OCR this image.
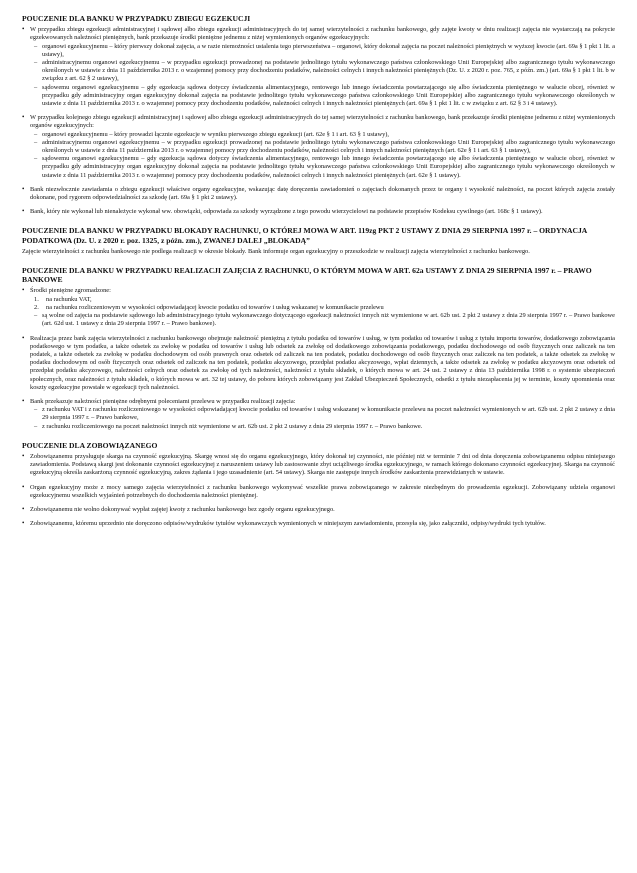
POUCZENIE DLA BANKU W PRZYPADKU ZBIEGU EGZEKUCJI
• W przypadku zbiegu egzekucji administracyjnej i sądowej albo zbiegu egzekucji administracyjnych do tej samej wierzytelności z rachunku bankowego, gdy zajęte kwoty w dniu realizacji zajęcia nie wystarczają na pokrycie egzekwowanych należności pieniężnych, bank przekazuje środki pieniężne jednemu z niżej wymienionych organów egzekucyjnych:
– organowi egzekucyjnemu – który pierwszy dokonał zajęcia, a w razie niemożności ustalenia tego pierwszeństwa – organowi, który dokonał zajęcia na poczet należności pieniężnych w wyższej kwocie (art. 69a § 1 pkt 1 lit. a ustawy),
– administracyjnemu organowi egzekucyjnemu – w przypadku egzekucji prowadzonej na podstawie jednolitego tytułu wykonawczego państwa członkowskiego Unii Europejskiej albo zagranicznego tytułu wykonawczego określonych w ustawie z dnia 11 października 2013 r. o wzajemnej pomocy przy dochodzeniu podatków, należności celnych i innych należności pieniężnych (Dz. U. z 2020 r. poz. 765, z późn. zm.) (art. 69a § 1 pkt 1 lit. b w związku z art. 62 § 2 ustawy),
– sądowemu organowi egzekucyjnemu – gdy egzekucja sądowa dotyczy świadczenia alimentacyjnego, rentowego lub innego świadczenia powtarzającego się albo świadczenia pieniężnego w walucie obcej, również w przypadku gdy administracyjny organ egzekucyjny dokonał zajęcia na podstawie jednolitego tytułu wykonawczego państwa członkowskiego Unii Europejskiej albo zagranicznego tytułu wykonawczego określonych w ustawie z dnia 11 października 2013 r. o wzajemnej pomocy przy dochodzeniu podatków, należności celnych i innych należności pieniężnych (art. 69a § 1 pkt 1 lit. c w związku z art. 62 § 3 i 4 ustawy).
• W przypadku kolejnego zbiegu egzekucji administracyjnej i sądowej albo zbiegu egzekucji administracyjnych do tej samej wierzytelności z rachunku bankowego, bank przekazuje środki pieniężne jednemu z niżej wymienionych organów egzekucyjnych:
– organowi egzekucyjnemu – który prowadzi łącznie egzekucje w wyniku pierwszego zbiegu egzekucji (art. 62e § 1 i art. 63 § 1 ustawy),
– administracyjnemu organowi egzekucyjnemu – w przypadku egzekucji prowadzonej na podstawie jednolitego tytułu wykonawczego państwa członkowskiego Unii Europejskiej albo zagranicznego tytułu wykonawczego określonych w ustawie z dnia 11 października 2013 r. o wzajemnej pomocy przy dochodzeniu podatków, należności celnych i innych należności pieniężnych (art. 62e § 1 i art. 63 § 1 ustawy),
– sądowemu organowi egzekucyjnemu – gdy egzekucja sądowa dotyczy świadczenia alimentacyjnego, rentowego lub innego świadczenia powtarzającego się albo świadczenia pieniężnego w walucie obcej, również w przypadku gdy administracyjny organ egzekucyjny dokonał zajęcia na podstawie jednolitego tytułu wykonawczego państwa członkowskiego Unii Europejskiej albo zagranicznego tytułu wykonawczego określonych w ustawie z dnia 11 października 2013 r. o wzajemnej pomocy przy dochodzeniu podatków, należności celnych i innych należności pieniężnych (art. 62e § 1 ustawy).
• Bank niezwłocznie zawiadamia o zbiegu egzekucji właściwe organy egzekucyjne, wskazując datę doręczenia zawiadomień o zajęciach dokonanych przez te organy i wysokość należności, na poczet których zajęcia zostały dokonane, pod rygorem odpowiedzialności za szkodę (art. 69a § 1 pkt 2 ustawy).
• Bank, który nie wykonał lub nienależycie wykonał ww. obowiązki, odpowiada za szkody wyrządzone z tego powodu wierzycielowi na podstawie przepisów Kodeksu cywilnego (art. 168c § 1 ustawy).
POUCZENIE DLA BANKU W PRZYPADKU BLOKADY RACHUNKU, O KTÓREJ MOWA W ART. 119zg PKT 2 USTAWY Z DNIA 29 SIERPNIA 1997 r. – ORDYNACJA PODATKOWA (Dz. U. z 2020 r. poz. 1325, z późn. zm.), ZWANEJ DALEJ „BLOKADĄ”
Zajęcie wierzytelności z rachunku bankowego nie podlega realizacji w okresie blokady. Bank informuje organ egzekucyjny o przeszkodzie w realizacji zajęcia wierzytelności z rachunku bankowego.
POUCZENIE DLA BANKU W PRZYPADKU REALIZACJI ZAJĘCIA Z RACHUNKU, O KTÓRYM MOWA W ART. 62a USTAWY Z DNIA 29 SIERPNIA 1997 r. – PRAWO BANKOWE
• Środki pieniężne zgromadzone:
1.	na rachunku VAT,
2.	na rachunku rozliczeniowym w wysokości odpowiadającej kwocie podatku od towarów i usług wskazanej w komunikacie przelewu
– są wolne od zajęcia na podstawie sądowego lub administracyjnego tytułu wykonawczego dotyczącego egzekucji należności innych niż wymienione w art. 62b ust. 2 pkt 2 ustawy z dnia 29 sierpnia 1997 r. – Prawo bankowe (art. 62d ust. 1 ustawy z dnia 29 sierpnia 1997 r. – Prawo bankowe).
• Realizacja przez bank zajęcia wierzytelności z rachunku bankowego obejmuje należność pieniężną z tytułu podatku od towarów i usług, w tym podatku od towarów i usług z tytułu importu towarów, dodatkowego zobowiązania podatkowego w tym podatku, a także odsetek za zwłokę w podatku od towarów i usług lub odsetek za zwłokę od dodatkowego zobowiązania podatkowego, podatku dochodowego od osób fizycznych oraz zaliczek na ten podatek, a także odsetek za zwłokę w podatku dochodowym od osób prawnych oraz odsetek od zaliczek na ten podatek, podatku dochodowego od osób fizycznych oraz zaliczek na ten podatek, a także odsetek za zwłokę w podatku dochodowym od osób fizycznych oraz odsetek od zaliczek na ten podatek, podatku akcyzowego, przedpłat podatku akcyzowego, wpłat dziennych, a także odsetek za zwłokę w podatku akcyzowym oraz odsetek od przedpłat podatku akcyzowego, należności celnych oraz odsetek za zwłokę od tych należności, należności z tytułu składek, o których mowa w art. 24 ust. 2 ustawy z dnia 13 października 1998 r. o systemie ubezpieczeń społecznych, oraz należności z tytułu składek, o których mowa w art. 32 tej ustawy, do poboru których zobowiązany jest Zakład Ubezpieczeń Społecznych, odsetki z tytułu niezapłacenia jej w terminie, koszty upomnienia oraz koszty egzekucyjne powstałe w egzekucji tych należności.
• Bank przekazuje należności pieniężne odrębnymi poleceniami przelewu w przypadku realizacji zajęcia:
– z rachunku VAT i z rachunku rozliczeniowego w wysokości odpowiadającej kwocie podatku od towarów i usług wskazanej w komunikacie przelewu na poczet należności wymienionych w art. 62b ust. 2 pkt 2 ustawy z dnia 29 sierpnia 1997 r. – Prawo bankowe,
– z rachunku rozliczeniowego na poczet należności innych niż wymienione w art. 62b ust. 2 pkt 2 ustawy z dnia 29 sierpnia 1997 r. – Prawo bankowe.
POUCZENIE DLA ZOBOWIĄZANEGO
• Zobowiązanemu przysługuje skarga na czynność egzekucyjną. Skargę wnosi się do organu egzekucyjnego, który dokonał tej czynności, nie później niż w terminie 7 dni od dnia doręczenia zobowiązanemu odpisu niniejszego zawiadomienia. Podstawą skargi jest dokonanie czynności egzekucyjnej z naruszeniem ustawy lub zastosowanie zbyt uciążliwego środka egzekucyjnego, w ramach którego dokonano czynności egzekucyjnej. Skarga na czynność egzekucyjną określa zaskarżoną czynność egzekucyjną, zakres żądania i jego uzasadnienie (art. 54 ustawy). Skarga nie zastępuje innych środków zaskarżenia przewidzianych w ustawie.
• Organ egzekucyjny może z mocy samego zajęcia wierzytelności z rachunku bankowego wykonywać wszelkie prawa zobowiązanego w zakresie niezbędnym do prowadzenia egzekucji. Zobowiązany udziela organowi egzekucyjnemu wszelkich wyjaśnień potrzebnych do dochodzenia należności pieniężnej.
• Zobowiązanemu nie wolno dokonywać wypłat zajętej kwoty z rachunku bankowego bez zgody organu egzekucyjnego.
• Zobowiązanemu, któremu uprzednio nie doręczono odpisów/wydruków tytułów wykonawczych wymienionych w niniejszym zawiadomieniu, przesyła się, jako załączniki, odpisy/wydruki tych tytułów.
